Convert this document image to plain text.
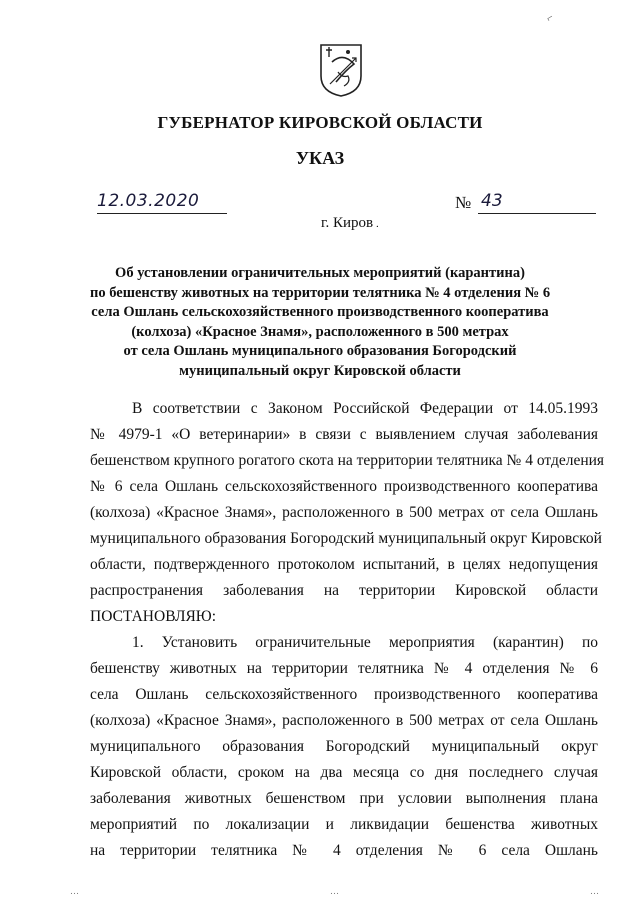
⌐
ГУБЕРНАТОР КИРОВСКОЙ ОБЛАСТИ
УКАЗ
12.03.2020	№ 43
г. Киров .
Об установлении ограничительных мероприятий (карантина)
по бешенству животных на территории телятника № 4 отделения № 6
села Ошлань сельскохозяйственного производственного кооператива
(колхоза) «Красное Знамя», расположенного в 500 метрах
от села Ошлань муниципального образования Богородский
муниципальный округ Кировской области
В соответствии с Законом Российской Федерации от 14.05.1993
№ 4979-1 «О ветеринарии» в связи с выявлением случая заболевания
бешенством крупного рогатого скота на территории телятника № 4 отделения
№ 6 села Ошлань сельскохозяйственного производственного кооператива
(колхоза) «Красное Знамя», расположенного в 500 метрах от села Ошлань
муниципального образования Богородский муниципальный округ Кировской
области, подтвержденного протоколом испытаний, в целях недопущения
распространения заболевания на территории Кировской области
ПОСТАНОВЛЯЮ:
1. Установить ограничительные мероприятия (карантин) по
бешенству животных на территории телятника № 4 отделения № 6
села Ошлань сельскохозяйственного производственного кооператива
(колхоза) «Красное Знамя», расположенного в 500 метрах от села Ошлань
муниципального образования Богородский муниципальный округ
Кировской области, сроком на два месяца со дня последнего случая
заболевания животных бешенством при условии выполнения плана
мероприятий по локализации и ликвидации бешенства животных
на территории телятника № 4 отделения № 6 села Ошлань
…	…	…
